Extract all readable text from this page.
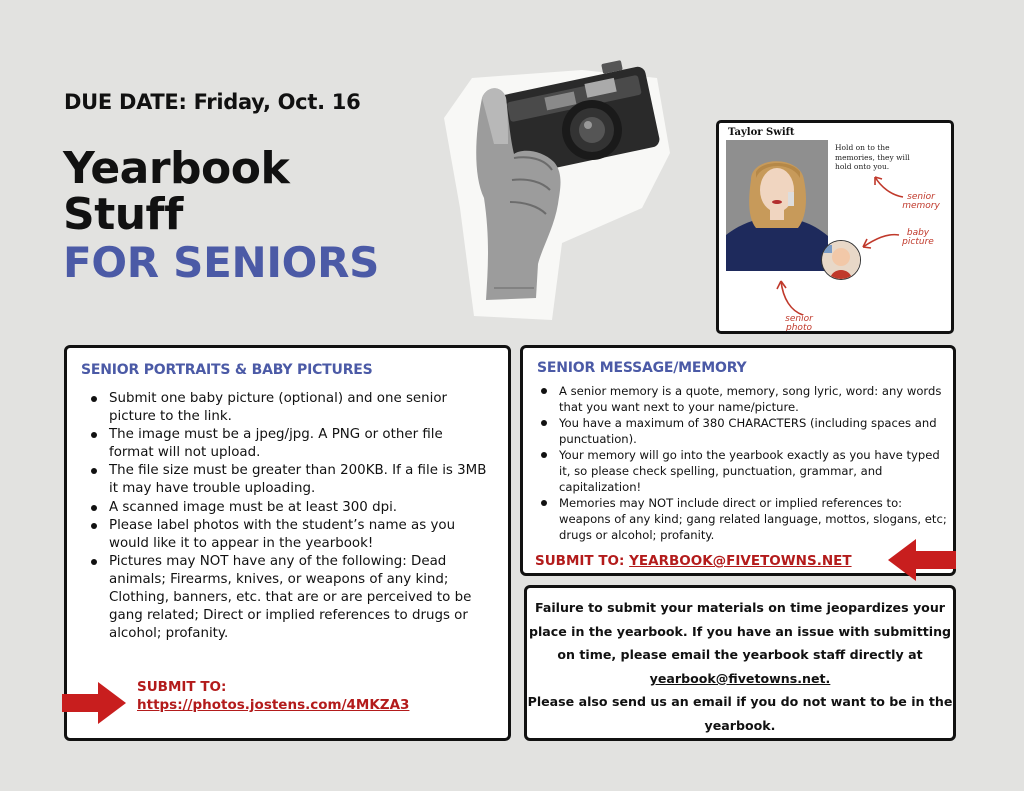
DUE DATE: Friday, Oct. 16
Yearbook
Stuff
FOR SENIORS
Taylor Swift
Hold on to the memories, they will hold onto you.
senior memory
baby picture
senior photo
SENIOR PORTRAITS & BABY PICTURES
Submit one baby picture (optional) and one senior picture to the link.
The image must be a jpeg/jpg. A PNG or other file format will not upload.
The file size must be greater than 200KB. If a file is 3MB it may have trouble uploading.
A scanned image must be at least 300 dpi.
Please label photos with the student’s name as you would like it to appear in the yearbook!
Pictures may NOT have any of the following: Dead animals; Firearms, knives, or weapons of any kind; Clothing, banners, etc. that are or are perceived to be gang related; Direct or implied references to drugs or alcohol; profanity.
SUBMIT TO:
https://photos.jostens.com/4MKZA3
SENIOR MESSAGE/MEMORY
A senior memory is a quote, memory, song lyric, word: any words that you want next to your name/picture.
You have a maximum of 380 CHARACTERS (including spaces and punctuation).
Your memory will go into the yearbook exactly as you have typed it, so please check spelling, punctuation, grammar, and capitalization!
Memories may NOT include direct or implied references to: weapons of any kind; gang related language, mottos, slogans, etc; drugs or alcohol; profanity.
SUBMIT TO: YEARBOOK@FIVETOWNS.NET
Failure to submit your materials on time jeopardizes your place in the yearbook. If you have an issue with submitting on time, please email the yearbook staff directly at yearbook@fivetowns.net.
Please also send us an email if you do not want to be in the yearbook.
